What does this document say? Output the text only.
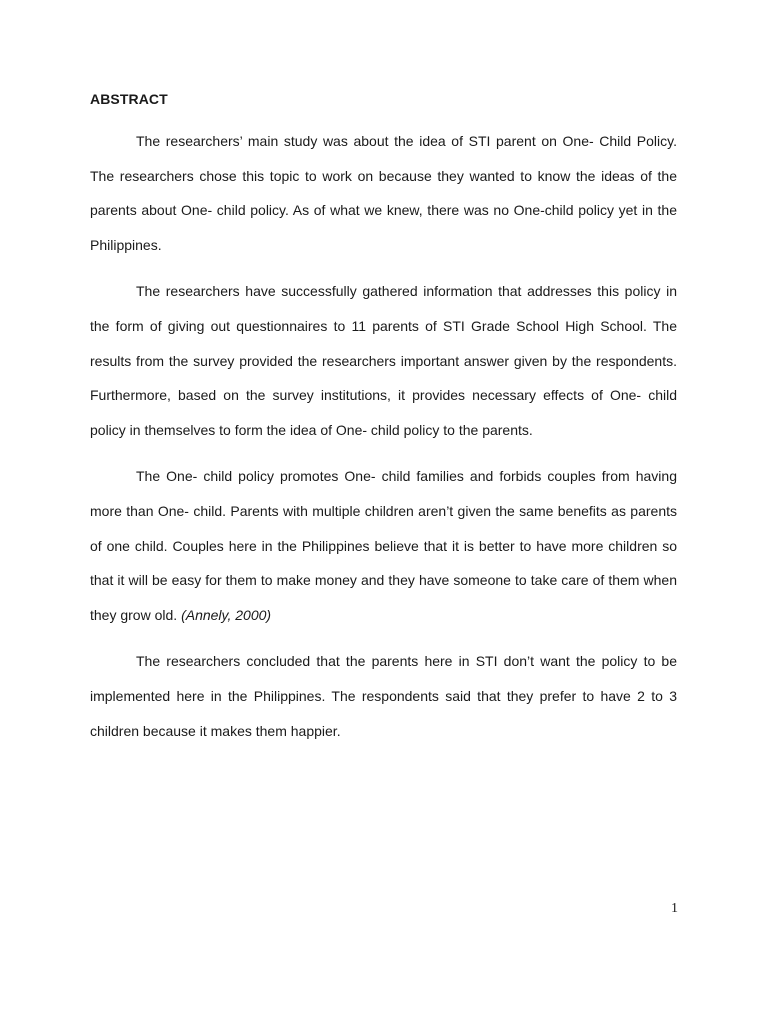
ABSTRACT

The researchers’ main study was about the idea of STI parent on One- Child Policy. The researchers chose this topic to work on because they wanted to know the ideas of the parents about One- child policy. As of what we knew, there was no One-child policy yet in the Philippines.

The researchers have successfully gathered information that addresses this policy in the form of giving out questionnaires to 11 parents of STI Grade School High School. The results from the survey provided the researchers important answer given by the respondents. Furthermore, based on the survey institutions, it provides necessary effects of One- child policy in themselves to form the idea of One- child policy to the parents.

The One- child policy promotes One- child families and forbids couples from having more than One- child. Parents with multiple children aren’t given the same benefits as parents of one child. Couples here in the Philippines believe that it is better to have more children so that it will be easy for them to make money and they have someone to take care of them when they grow old. (Annely, 2000)

The researchers concluded that the parents here in STI don’t want the policy to be implemented here in the Philippines. The respondents said that they prefer to have 2 to 3 children because it makes them happier.

1
